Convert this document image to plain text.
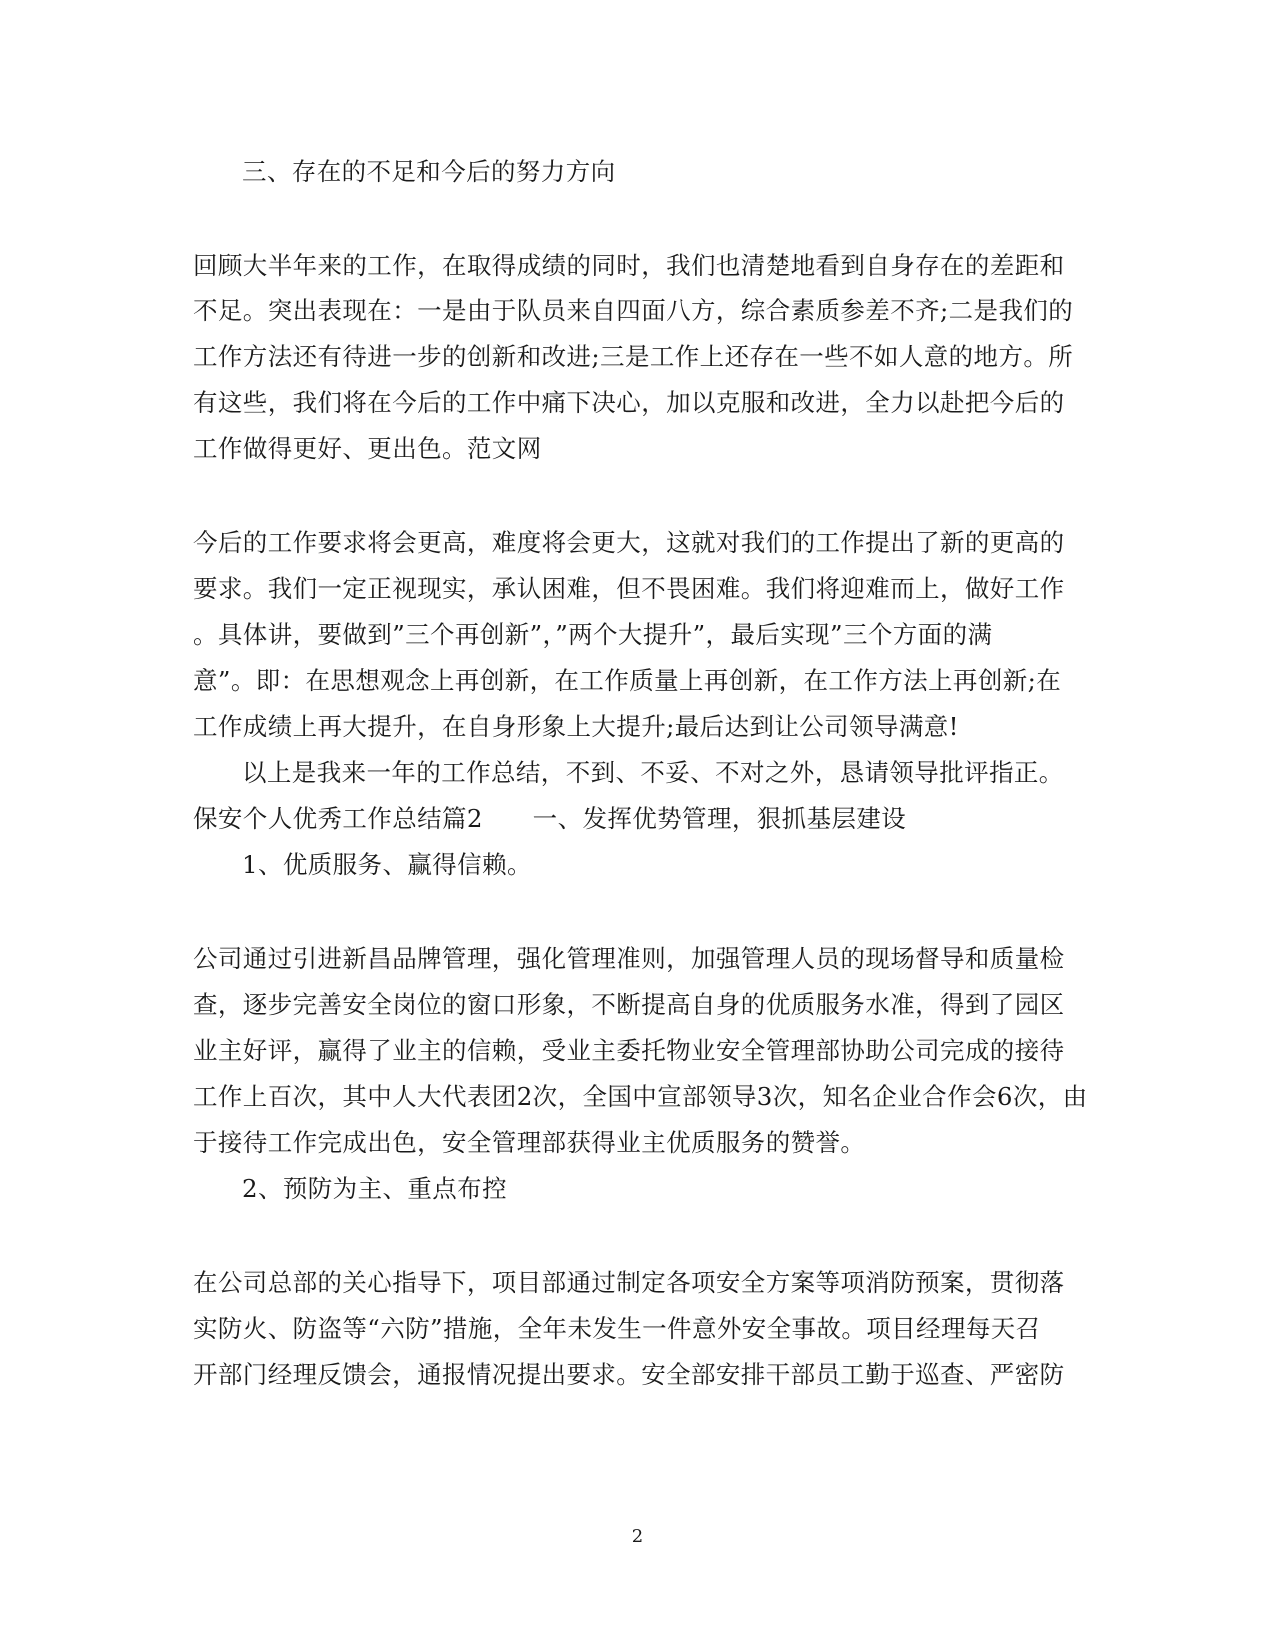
三、存在的不足和今后的努力方向
回顾大半年来的工作，在取得成绩的同时，我们也清楚地看到自身存在的差距和
不足。突出表现在：一是由于队员来自四面八方，综合素质参差不齐;二是我们的
工作方法还有待进一步的创新和改进;三是工作上还存在一些不如人意的地方。所
有这些，我们将在今后的工作中痛下决心，加以克服和改进，全力以赴把今后的
工作做得更好、更出色。范文网
今后的工作要求将会更高，难度将会更大，这就对我们的工作提出了新的更高的
要求。我们一定正视现实，承认困难，但不畏困难。我们将迎难而上，做好工作
。具体讲，要做到”三个再创新”，”两个大提升”，最后实现”三个方面的满
意”。即：在思想观念上再创新，在工作质量上再创新，在工作方法上再创新;在
工作成绩上再大提升，在自身形象上大提升;最后达到让公司领导满意!
以上是我来一年的工作总结，不到、不妥、不对之外，恳请领导批评指正。
保安个人优秀工作总结篇2　　一、发挥优势管理，狠抓基层建设
1、优质服务、赢得信赖。
公司通过引进新昌品牌管理，强化管理准则，加强管理人员的现场督导和质量检
查，逐步完善安全岗位的窗口形象，不断提高自身的优质服务水准，得到了园区
业主好评，赢得了业主的信赖，受业主委托物业安全管理部协助公司完成的接待
工作上百次，其中人大代表团2次，全国中宣部领导3次，知名企业合作会6次，由
于接待工作完成出色，安全管理部获得业主优质服务的赞誉。
2、预防为主、重点布控
在公司总部的关心指导下，项目部通过制定各项安全方案等项消防预案，贯彻落
实防火、防盗等“六防”措施，全年未发生一件意外安全事故。项目经理每天召
开部门经理反馈会，通报情况提出要求。安全部安排干部员工勤于巡查、严密防
2
